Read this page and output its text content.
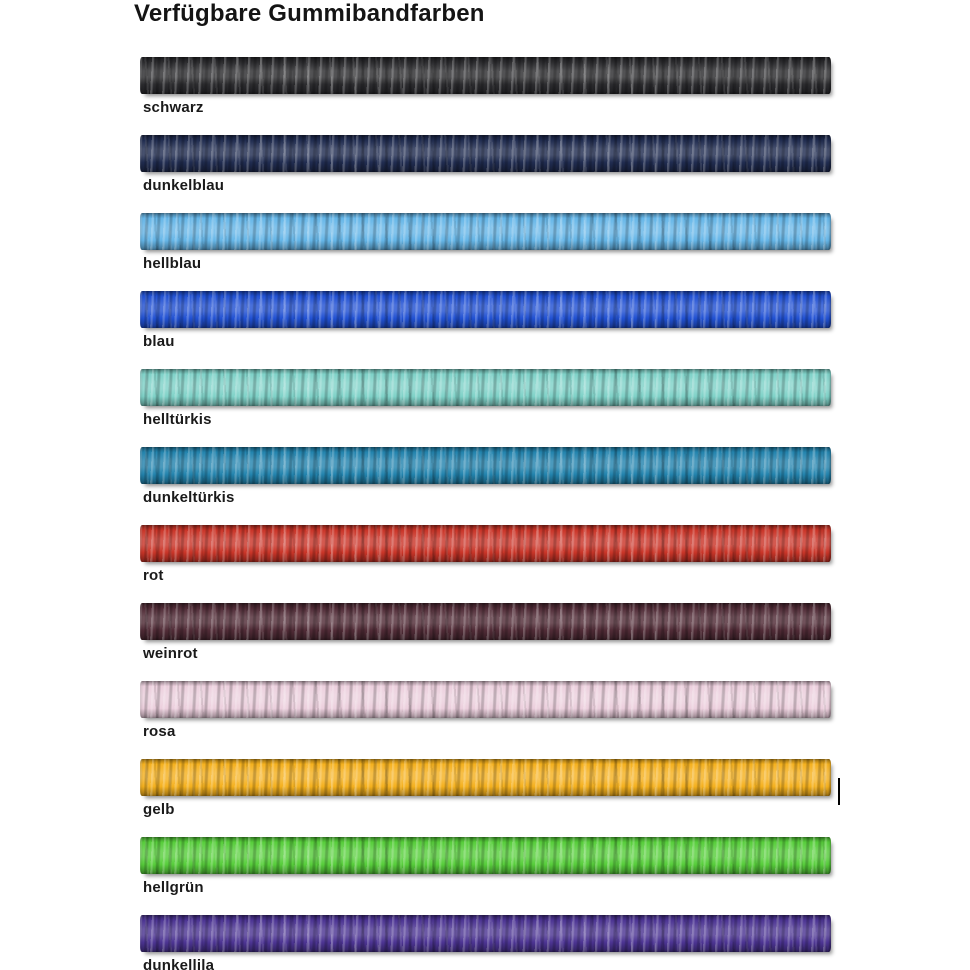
Verfügbare Gummibandfarben
schwarz
dunkelblau
hellblau
blau
helltürkis
dunkeltürkis
rot
weinrot
rosa
gelb
hellgrün
dunkellila
